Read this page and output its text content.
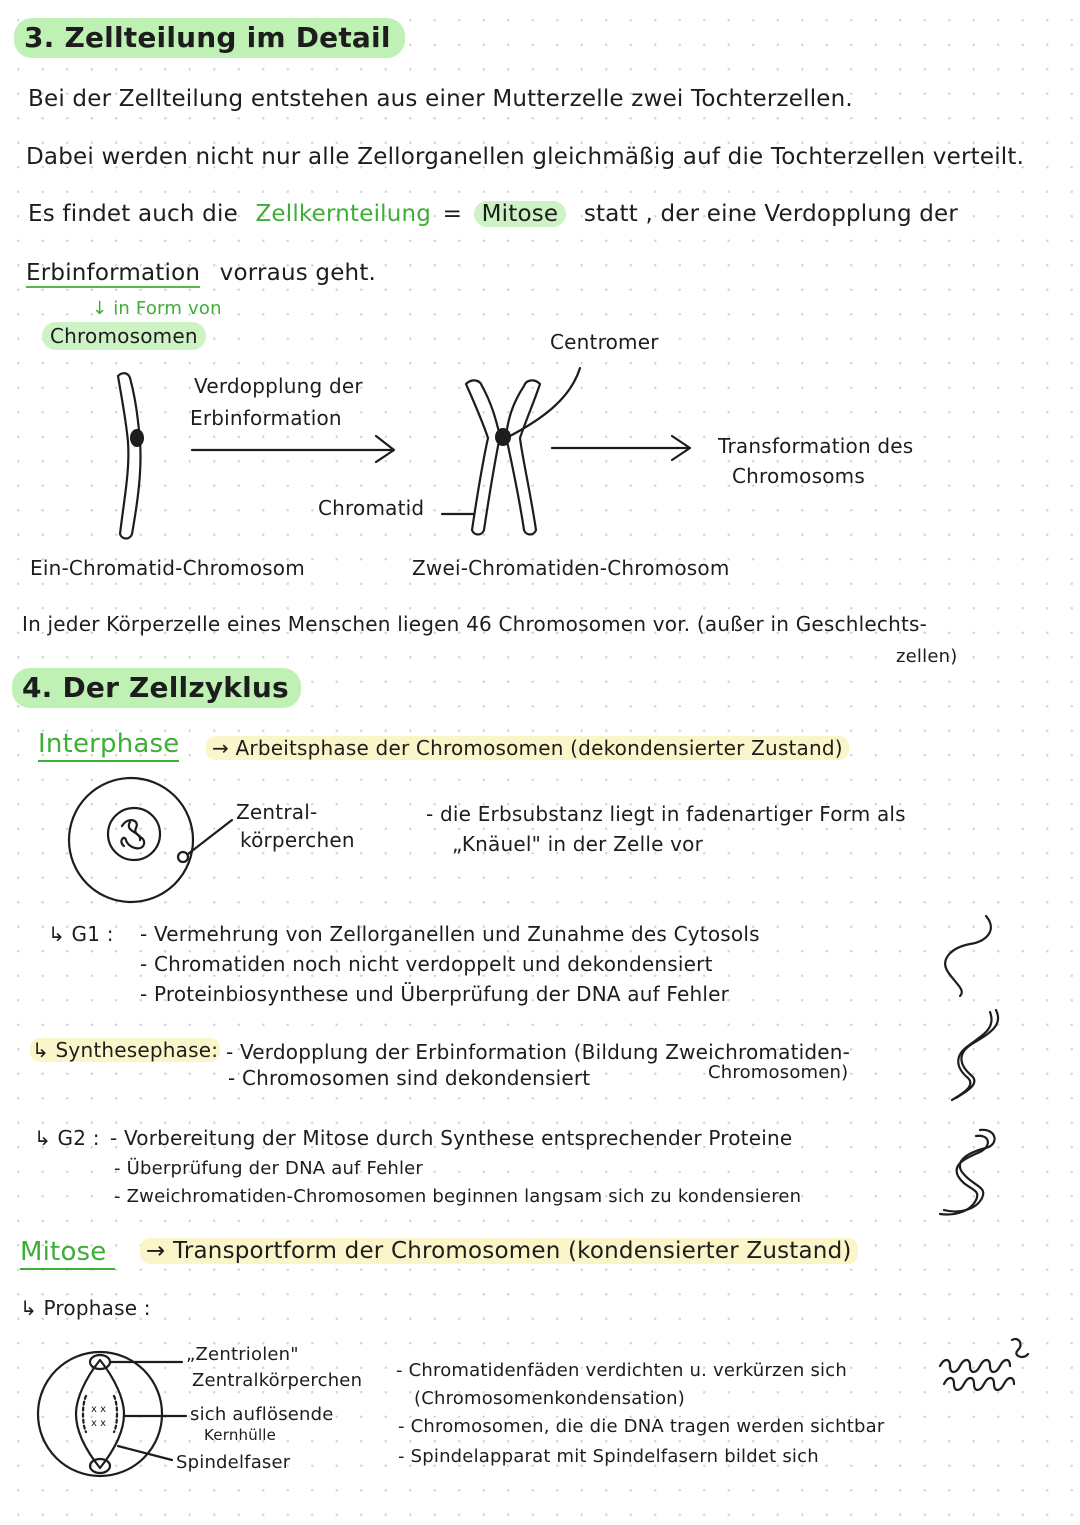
3. Zellteilung im Detail
Bei der Zellteilung entstehen aus einer Mutterzelle zwei Tochterzellen.
Dabei werden nicht nur alle Zellorganellen gleichmäßig auf die Tochterzellen verteilt.
Es findet auch die Zellkernteilung = Mitose statt , der eine Verdopplung der
Erbinformation vorraus geht.
↓ in Form von
Chromosomen	Centromer
Verdopplung der
Erbinformation
Transformation des
Chromosoms
Chromatid
Ein-Chromatid-Chromosom	Zwei-Chromatiden-Chromosom
In jeder Körperzelle eines Menschen liegen 46 Chromosomen vor. (außer in Geschlechts-
zellen)
4. Der Zellzyklus
Interphase	→ Arbeitsphase der Chromosomen (dekondensierter Zustand)
Zentral-
körperchen
- die Erbsubstanz liegt in fadenartiger Form als
„Knäuel" in der Zelle vor
↳ G1 : - Vermehrung von Zellorganellen und Zunahme des Cytosols
- Chromatiden noch nicht verdoppelt und dekondensiert
- Proteinbiosynthese und Überprüfung der DNA auf Fehler
↳ Synthesephase: - Verdopplung der Erbinformation (Bildung Zweichromatiden-
- Chromosomen sind dekondensiert	Chromosomen)
↳ G2 : - Vorbereitung der Mitose durch Synthese entsprechender Proteine
- Überprüfung der DNA auf Fehler
- Zweichromatiden-Chromosomen beginnen langsam sich zu kondensieren
Mitose	→ Transportform der Chromosomen (kondensierter Zustand)
↳ Prophase :
x x
x x
„Zentriolen"
Zentralkörperchen
sich auflösende
Kernhülle
Spindelfaser
- Chromatidenfäden verdichten u. verkürzen sich
(Chromosomenkondensation)
- Chromosomen, die die DNA tragen werden sichtbar
- Spindelapparat mit Spindelfasern bildet sich
